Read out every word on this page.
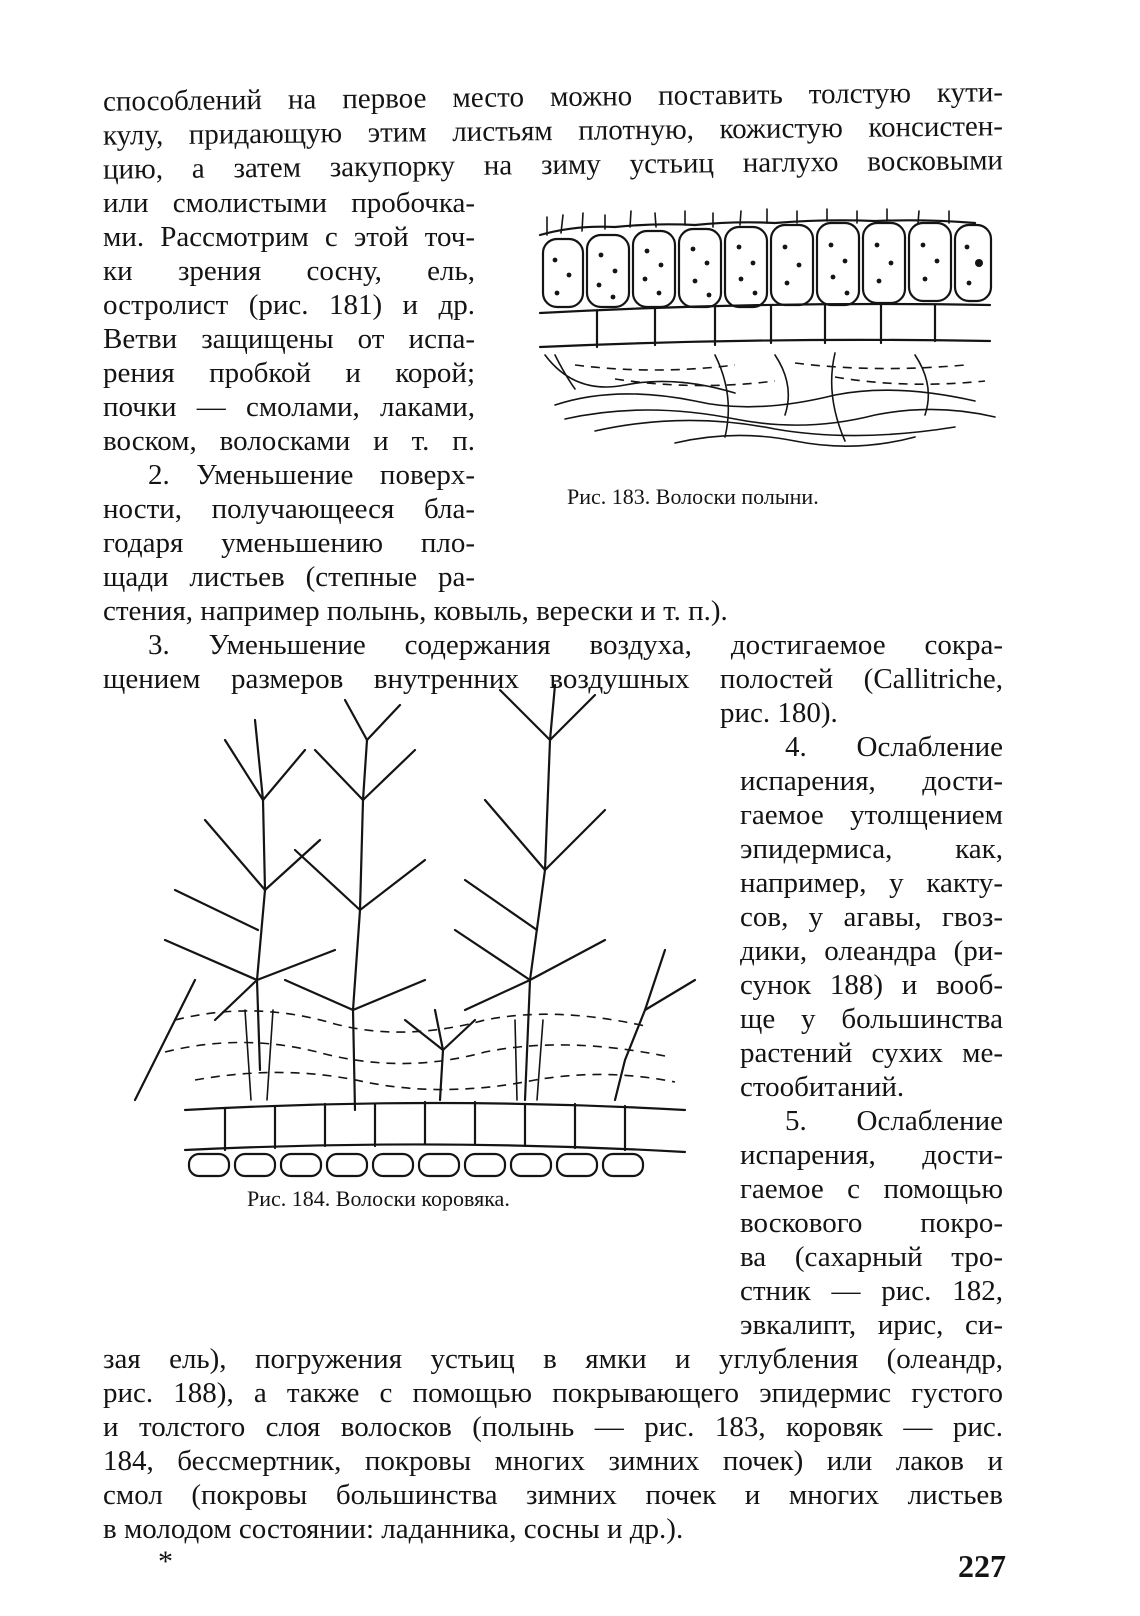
способлений на первое место можно поставить толстую кути-
кулу, придающую этим листьям плотную, кожистую консистен-
цию, а затем закупорку на зиму устьиц наглухо восковыми
или смолистыми пробочка-
ми. Рассмотрим с этой точ-
ки зрения сосну, ель,
остролист (рис. 181) и др.
Ветви защищены от испа-
рения пробкой и корой;
почки — смолами, лаками,
воском, волосками и т. п.
2. Уменьшение поверх-
ности, получающееся бла-
годаря уменьшению пло-
щади листьев (степные ра-
Рис. 183. Волоски полыни.
стения, например полынь, ковыль, верески и т. п.).
3. Уменьшение содержания воздуха, достигаемое сокра-
щением размеров внутренних воздушных полостей (Callitriche,
рис. 180).
Рис. 184. Волоски коровяка.
4. Ослабление
испарения, дости-
гаемое утолщением
эпидермиса, как,
например, у какту-
сов, у агавы, гвоз-
дики, олеандра (ри-
сунок 188) и вооб-
ще у большинства
растений сухих ме-
стообитаний.
5. Ослабление
испарения, дости-
гаемое с помощью
воскового покро-
ва (сахарный тро-
стник — рис. 182,
эвкалипт, ирис, си-
зая ель), погружения устьиц в ямки и углубления (олеандр,
рис. 188), а также с помощью покрывающего эпидермис густого
и толстого слоя волосков (полынь — рис. 183, коровяк — рис.
184, бессмертник, покровы многих зимних почек) или лаков и
смол (покровы большинства зимних почек и многих листьев
в молодом состоянии: ладанника, сосны и др.).
*	227
